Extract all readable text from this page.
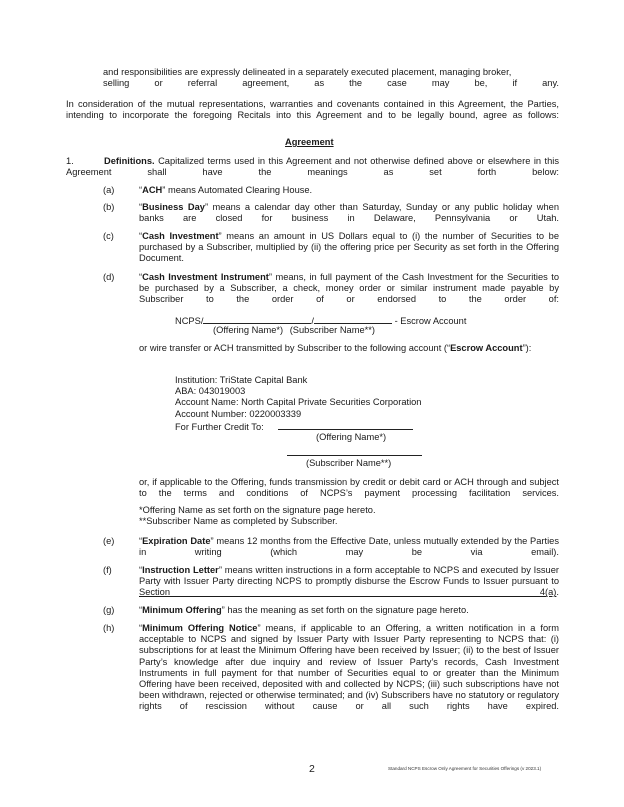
and responsibilities are expressly delineated in a separately executed placement, managing broker,
selling or referral agreement, as the case may be, if any.

In consideration of the mutual representations, warranties and covenants contained in this Agreement, the Parties, intending to incorporate the foregoing Recitals into this Agreement and to be legally bound, agree as follows:

Agreement

1.	Definitions. Capitalized terms used in this Agreement and not otherwise defined above or elsewhere in this Agreement shall have the meanings as set forth below:

(a)	“ACH” means Automated Clearing House.

(b)	“Business Day” means a calendar day other than Saturday, Sunday or any public holiday when banks are closed for business in Delaware, Pennsylvania or Utah.

(c)	“Cash Investment” means an amount in US Dollars equal to (i) the number of Securities to be purchased by a Subscriber, multiplied by (ii) the offering price per Security as set forth in the Offering Document.

(d)	“Cash Investment Instrument” means, in full payment of the Cash Investment for the Securities to be purchased by a Subscriber, a check, money order or similar instrument made payable by Subscriber to the order of or endorsed to the order of:

NCPS/	/	- Escrow Account
(Offering Name*) (Subscriber Name**)

or wire transfer or ACH transmitted by Subscriber to the following account (“Escrow Account”):

Institution: TriState Capital Bank
ABA: 043019003
Account Name: North Capital Private Securities Corporation
Account Number: 0220003339
For Further Credit To:
(Offering Name*)
(Subscriber Name**)

or, if applicable to the Offering, funds transmission by credit or debit card or ACH through and subject to the terms and conditions of NCPS’s payment processing facilitation services.

*Offering Name as set forth on the signature page hereto.
**Subscriber Name as completed by Subscriber.
(e)	“Expiration Date” means 12 months from the Effective Date, unless mutually extended by the Parties in writing (which may be via email).

(f)	“Instruction Letter” means written instructions in a form acceptable to NCPS and executed by Issuer Party with Issuer Party directing NCPS to promptly disburse the Escrow Funds to Issuer pursuant to Section 4(a).

(g)	“Minimum Offering” has the meaning as set forth on the signature page hereto.

(h)	“Minimum Offering Notice” means, if applicable to an Offering, a written notification in a form acceptable to NCPS and signed by Issuer Party with Issuer Party representing to NCPS that: (i) subscriptions for at least the Minimum Offering have been received by Issuer; (ii) to the best of Issuer Party’s knowledge after due inquiry and review of Issuer Party’s records, Cash Investment Instruments in full payment for that number of Securities equal to or greater than the Minimum Offering have been received, deposited with and collected by NCPS; (iii) such subscriptions have not been withdrawn, rejected or otherwise terminated; and (iv) Subscribers have no statutory or regulatory rights of rescission without cause or all such rights have expired.

2	Standard NCPS Escrow Only Agreement for Securities Offerings (v 2023.1)
